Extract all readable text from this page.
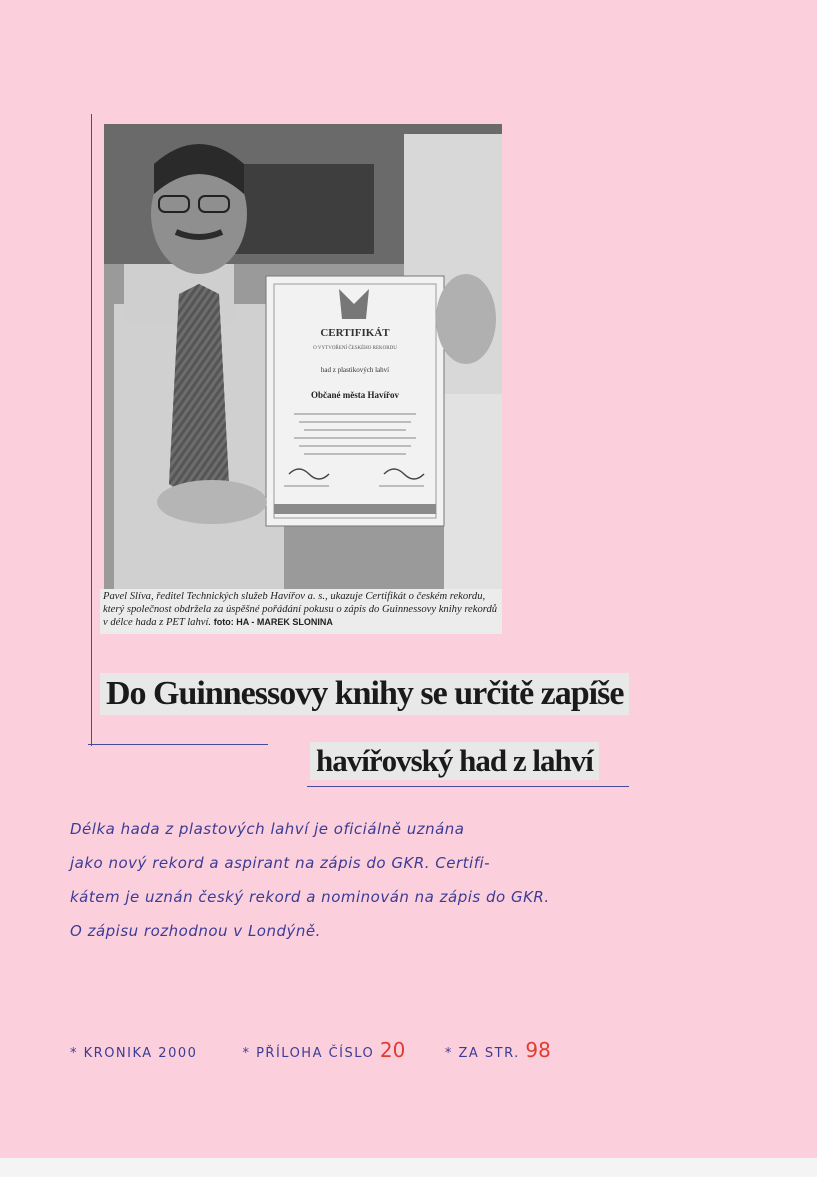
CERTIFIKÁT
O VYTVOŘENÍ ČESKÉHO REKORDU
had z plastikových lahví
Občané města Havířov
Pavel Slíva, ředitel Technických služeb Havířov a. s., ukazuje Certifikát o českém rekordu, který společnost obdržela za úspěšné pořádání pokusu o zápis do Guinnessovy knihy rekordů v délce hada z PET lahví. foto: HA - MAREK SLONINA
Do Guinnessovy knihy se určitě zapíše
havířovský had z lahví

Délka hada z plastových lahví je oficiálně uznána

jako nový rekord a aspirant na zápis do GKR. Certifi-

kátem je uznán český rekord a nominován na zápis do GKR.

O zápisu rozhodnou v Londýně.

* KRONIKA 2000	* PŘÍLOHA ČÍSLO 20	* ZA STR. 98
